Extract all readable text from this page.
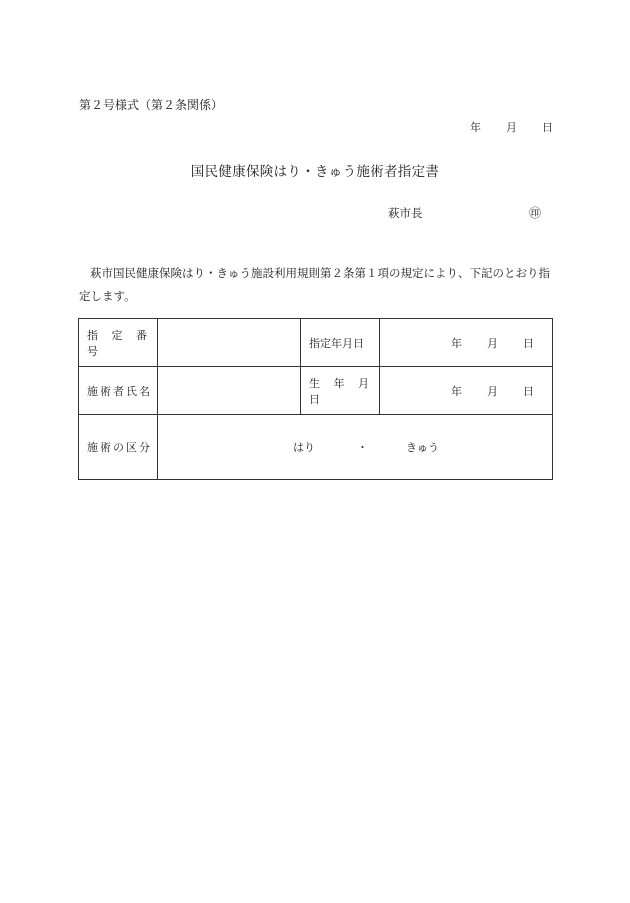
第２号様式（第２条関係）
年 月 日
国民健康保険はり・きゅう施術者指定書
萩市長	㊞
萩市国民健康保険はり・きゅう施設利用規則第２条第１項の規定により、下記のとおり指定します。
指 定 番 号		指定年月日	年 月 日
施術者氏名		生 年 月 日	年 月 日
施術の区分	はり ・ きゅう		
